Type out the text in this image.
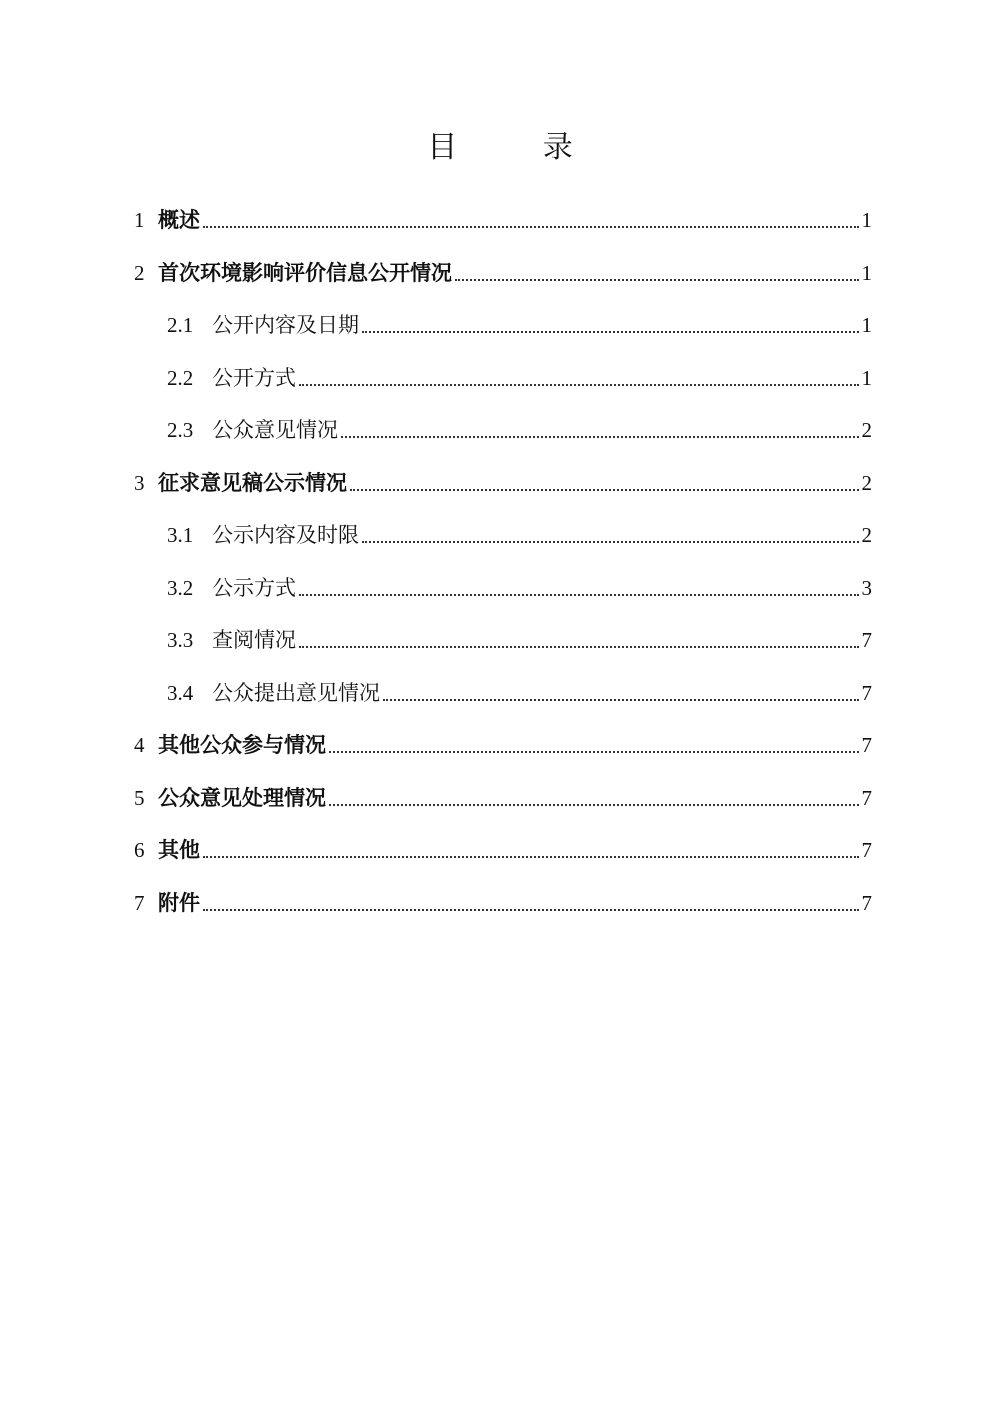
目 录
1 概述	1
2 首次环境影响评价信息公开情况	1
2.1 公开内容及日期	1
2.2 公开方式	1
2.3 公众意见情况	2
3 征求意见稿公示情况	2
3.1 公示内容及时限	2
3.2 公示方式	3
3.3 查阅情况	7
3.4 公众提出意见情况	7
4 其他公众参与情况	7
5 公众意见处理情况	7
6 其他	7
7 附件	7
